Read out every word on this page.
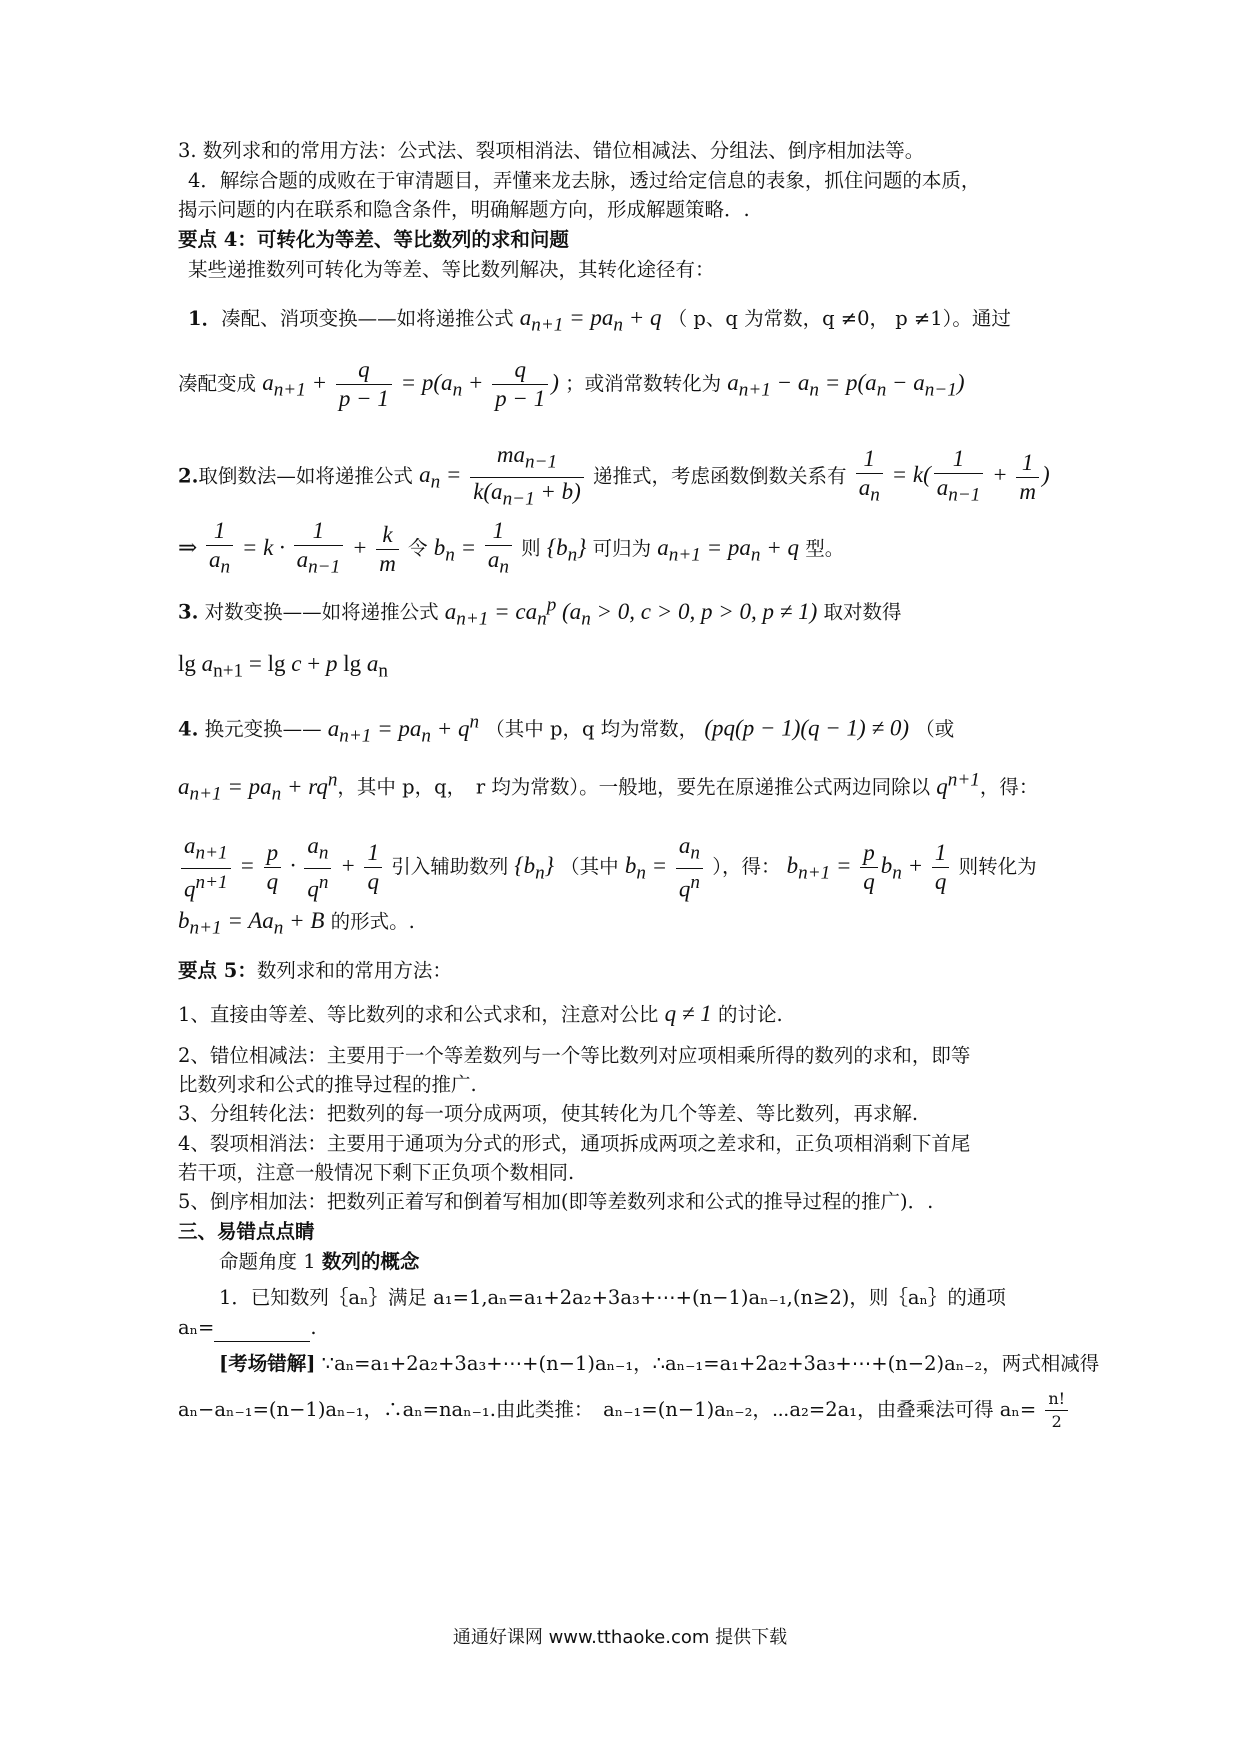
3. 数列求和的常用方法：公式法、裂项相消法、错位相减法、分组法、倒序相加法等。
4．解综合题的成败在于审清题目，弄懂来龙去脉，透过给定信息的表象，抓住问题的本质，
揭示问题的内在联系和隐含条件，明确解题方向，形成解题策略．.
要点 4：可转化为等差、等比数列的求和问题
某些递推数列可转化为等差、等比数列解决，其转化途径有：
1．凑配、消项变换——如将递推公式 $a_{n+1} = pa_n + q$ （ p、q 为常数，q ≠0， p ≠1）。通过
凑配变成 $a_{n+1} + \frac{q}{p - 1} = p(a_n + \frac{q}{p - 1}$ ) ；或消常数转化为 $a_{n+1} - a_n = p(a_n - a_{n-1})$
2.取倒数法—如将递推公式 $a_n = \frac{ma_{n-1}}{k(a_{n-1} + b)}$ 递推式，考虑函数倒数关系有 $\frac{1}{a_n} = k( \frac{1}{a_{n-1}} + \frac{1}{m}$ )
⇒ $\frac{1}{a_n} = k \cdot \frac{1}{a_{n-1}} + \frac{k}{m}$ 令 $b_n = \frac{1}{a_n}$ 则 $\{b_n\}$ 可归为 $a_{n+1} = pa_n + q$ 型。
3. 对数变换——如将递推公式 $a_{n+1} = ca_n^p$ ($a_n > 0$, c > 0, p > 0, p ≠ 1) 取对数得
$\lg a_{n+1} = \lg c + p$ $\lg a_n$
4. 换元变换—— $a_{n+1} = pa_n + q^n$ （其中 p，q 均为常数， (pq(p − 1)(q − 1) ≠ 0) （或
$a_{n+1} = pa_n + rq^n$，其中 p，q，　r 均为常数）。一般地，要先在原递推公式两边同除以 $q^{n+1}$，得：
$\frac{a_{n+1}}{q^{n+1}} = \frac{p}{q} \cdot \frac{a_n}{q^n} + \frac{1}{q}$ 引入辅助数列 $\{b_n\}$ （其中 $b_n = \frac{a_n}{q^n}$ ），得： $b_{n+1} = \frac{p}{q} b_n + \frac{1}{q}$ 则转化为
$b_{n+1} = Aa_n + B$ 的形式。.
要点 5：数列求和的常用方法：
1、直接由等差、等比数列的求和公式求和，注意对公比 q ≠ 1 的讨论.
2、错位相减法：主要用于一个等差数列与一个等比数列对应项相乘所得的数列的求和，即等
比数列求和公式的推导过程的推广.
3、分组转化法：把数列的每一项分成两项，使其转化为几个等差、等比数列，再求解.
4、裂项相消法：主要用于通项为分式的形式，通项拆成两项之差求和，正负项相消剩下首尾
若干项，注意一般情况下剩下正负项个数相同.
5、倒序相加法：把数列正着写和倒着写相加(即等差数列求和公式的推导过程的推广)．.
三、易错点点睛
命题角度 1 数列的概念
1．已知数列｛aₙ｝满足 a₁=1,aₙ=a₁+2a₂+3a₃+⋯+(n−1)aₙ₋₁,(n≥2)，则｛aₙ｝的通项
aₙ=	.
[考场错解] ∵aₙ=a₁+2a₂+3a₃+⋯+(n−1)aₙ₋₁，∴aₙ₋₁=a₁+2a₂+3a₃+⋯+(n−2)aₙ₋₂，两式相减得
aₙ−aₙ₋₁=(n−1)aₙ₋₁，∴aₙ=naₙ₋₁.由此类推：　aₙ₋₁=(n−1)aₙ₋₂，⋯a₂=2a₁，由叠乘法可得 $a_n= \frac{n!}{2}$
通通好课网 www.tthaoke.com 提供下载
